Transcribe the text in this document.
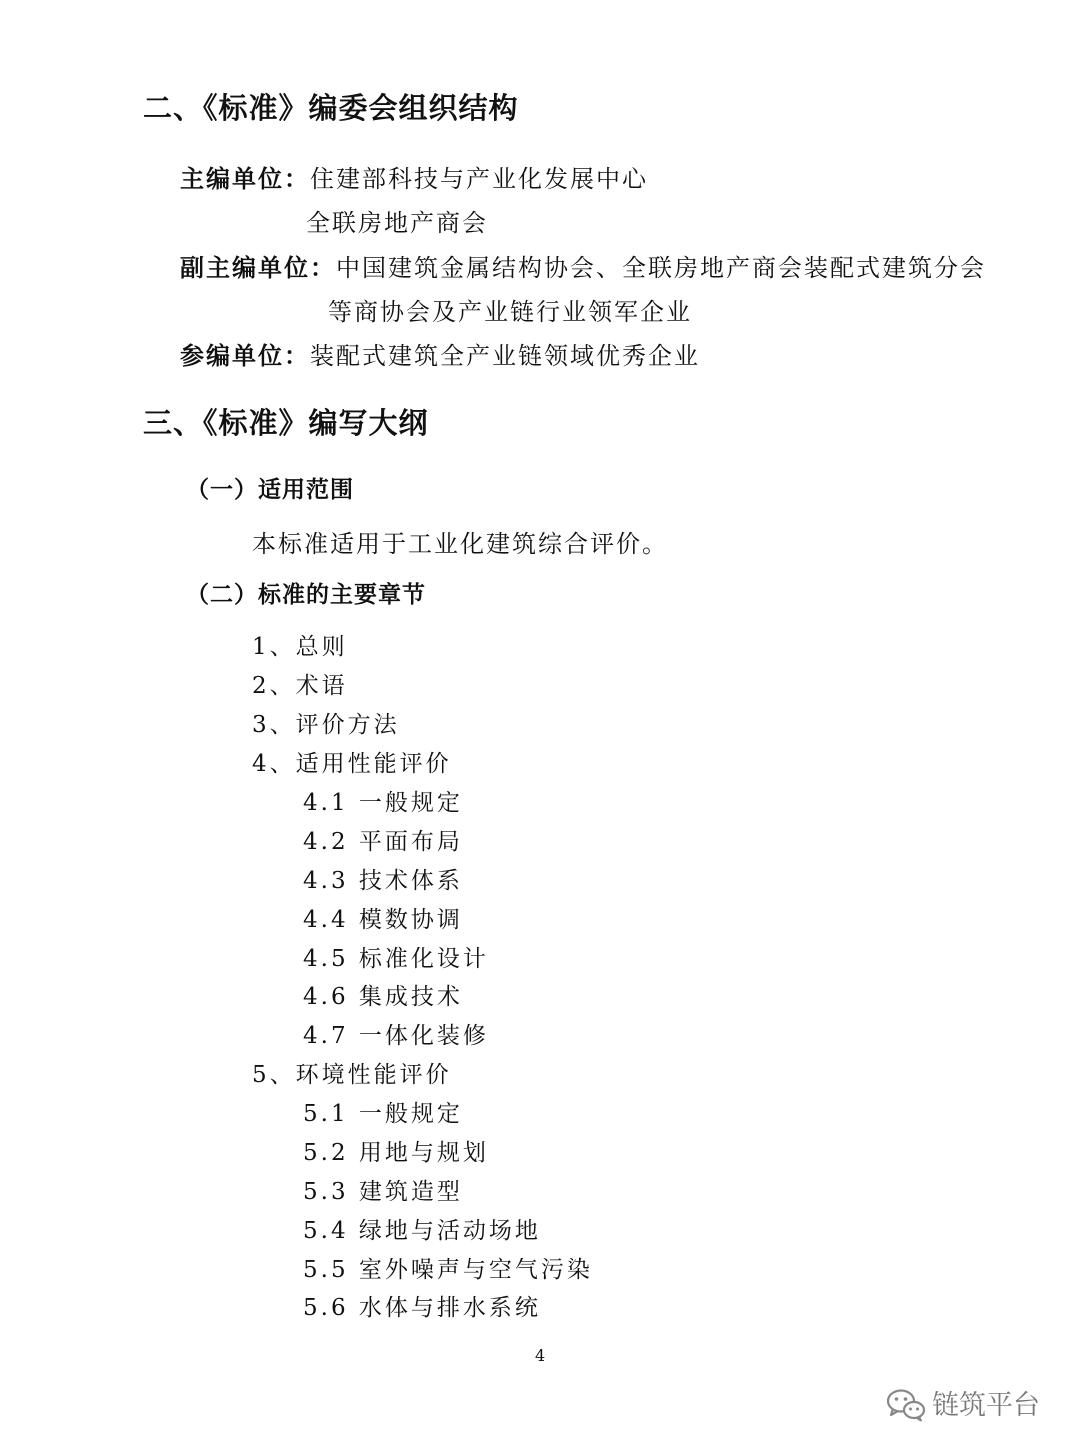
二、《标准》编委会组织结构
主编单位：住建部科技与产业化发展中心
全联房地产商会
副主编单位：中国建筑金属结构协会、全联房地产商会装配式建筑分会
等商协会及产业链行业领军企业
参编单位：装配式建筑全产业链领域优秀企业
三、《标准》编写大纲
（一）适用范围
本标准适用于工业化建筑综合评价。
（二）标准的主要章节
1、总则
2、术语
3、评价方法
4、适用性能评价
4.1 一般规定
4.2 平面布局
4.3 技术体系
4.4 模数协调
4.5 标准化设计
4.6 集成技术
4.7 一体化装修
5、环境性能评价
5.1 一般规定
5.2 用地与规划
5.3 建筑造型
5.4 绿地与活动场地
5.5 室外噪声与空气污染
5.6 水体与排水系统
4
链筑平台
